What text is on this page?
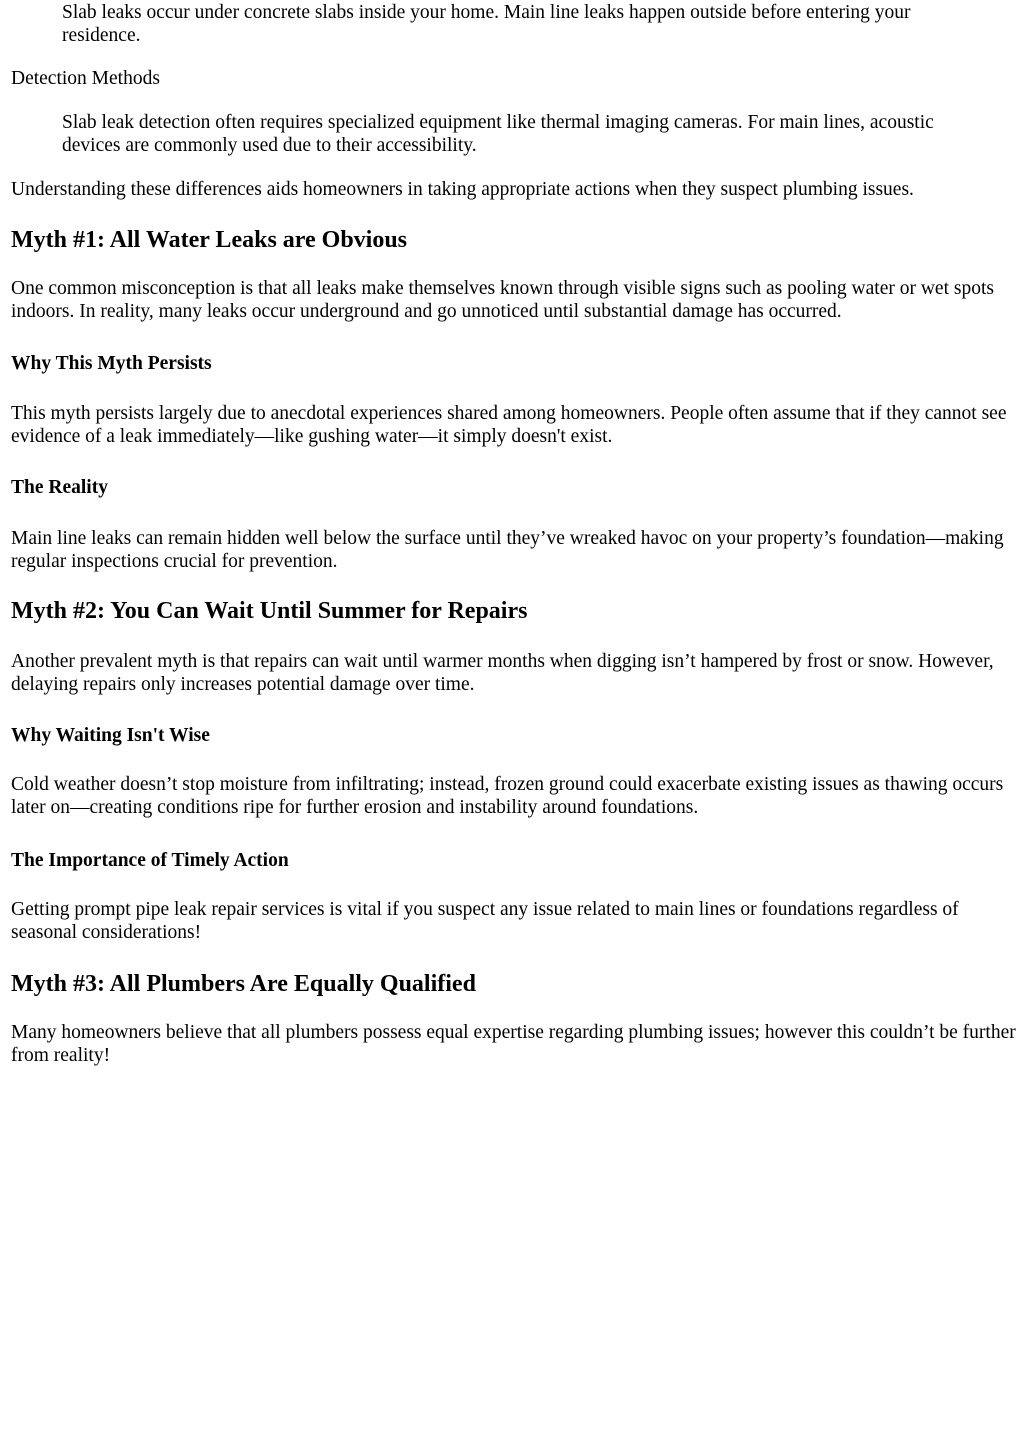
Slab leaks occur under concrete slabs inside your home. Main line leaks happen outside before entering your residence.

Detection Methods

Slab leak detection often requires specialized equipment like thermal imaging cameras. For main lines, acoustic devices are commonly used due to their accessibility.

Understanding these differences aids homeowners in taking appropriate actions when they suspect plumbing issues.

Myth #1: All Water Leaks are Obvious

One common misconception is that all leaks make themselves known through visible signs such as pooling water or wet spots indoors. In reality, many leaks occur underground and go unnoticed until substantial damage has occurred.

Why This Myth Persists

This myth persists largely due to anecdotal experiences shared among homeowners. People often assume that if they cannot see evidence of a leak immediately—like gushing water—it simply doesn't exist.

The Reality

Main line leaks can remain hidden well below the surface until they’ve wreaked havoc on your property’s foundation—making regular inspections crucial for prevention.

Myth #2: You Can Wait Until Summer for Repairs

Another prevalent myth is that repairs can wait until warmer months when digging isn’t hampered by frost or snow. However, delaying repairs only increases potential damage over time.

Why Waiting Isn't Wise

Cold weather doesn’t stop moisture from infiltrating; instead, frozen ground could exacerbate existing issues as thawing occurs later on—creating conditions ripe for further erosion and instability around foundations.

The Importance of Timely Action

Getting prompt pipe leak repair services is vital if you suspect any issue related to main lines or foundations regardless of seasonal considerations!

Myth #3: All Plumbers Are Equally Qualified

Many homeowners believe that all plumbers possess equal expertise regarding plumbing issues; however this couldn’t be further from reality!
